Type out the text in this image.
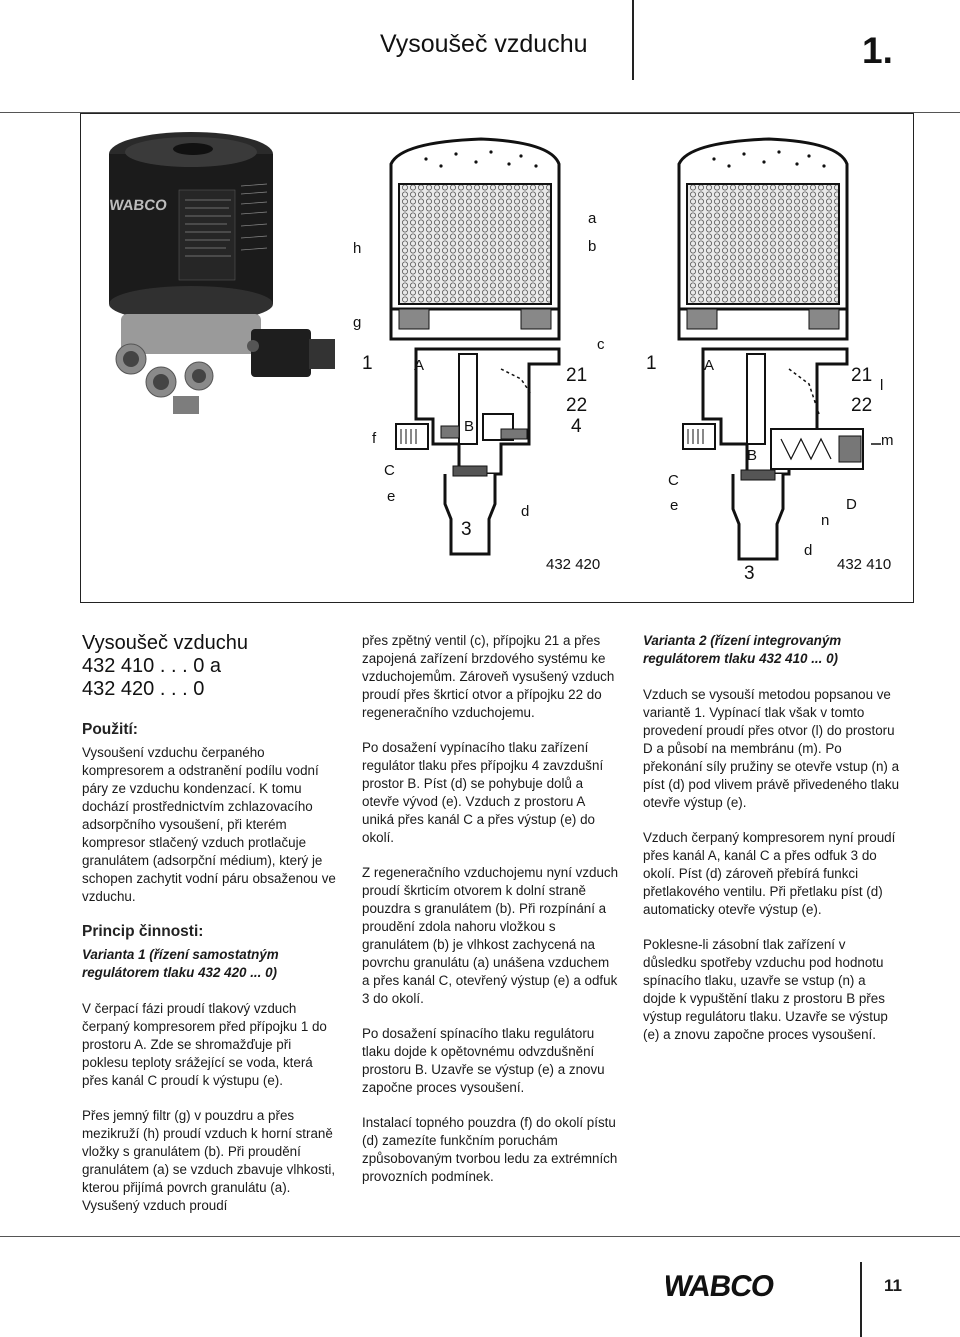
Vysoušeč vzduchu	1.
WABCO
a
b
h
g
c
1	A	21
22
4
f
B
C
e
3
d
432 420
1	A	21 l
22
m
B
C
e	D
n
d
3	432 410
Vysoušeč vzduchu
432 410 . . . 0 a
432 420 . . . 0
Použití:

Vysoušení vzduchu čerpaného kompresorem a odstranění podílu vodní páry ze vzduchu kondenzací. K tomu dochází prostřednictvím zchlazovacího adsorpčního vysoušení, při kterém kompresor stlačený vzduch protlačuje granulátem (adsorpční médium), který je schopen zachytit vodní páru obsaženou ve vzduchu.

Princip činnosti:
Varianta 1 (řízení samostatným regulátorem tlaku 432 420 ... 0)

V čerpací fázi proudí tlakový vzduch čerpaný kompresorem před přípojku 1 do prostoru A. Zde se shromažďuje při poklesu teploty srážející se voda, která přes kanál C proudí k výstupu (e).

Přes jemný filtr (g) v pouzdru a přes mezikruží (h) proudí vzduch k horní straně vložky s granulátem (b). Při proudění granulátem (a) se vzduch zbavuje vlhkosti, kterou přijímá povrch granulátu (a). Vysušený vzduch proudí

přes zpětný ventil (c), přípojku 21 a přes zapojená zařízení brzdového systému ke vzduchojemům. Zároveň vysušený vzduch proudí přes škrticí otvor a přípojku 22 do regeneračního vzduchojemu.

Po dosažení vypínacího tlaku zařízení regulátor tlaku přes přípojku 4 zavzdušní prostor B. Píst (d) se pohybuje dolů a otevře vývod (e). Vzduch z prostoru A uniká přes kanál C a přes výstup (e) do okolí.

Z regeneračního vzduchojemu nyní vzduch proudí škrticím otvorem k dolní straně pouzdra s granulátem (b). Při rozpínání a proudění zdola nahoru vložkou s granulátem (b) je vlhkost zachycená na povrchu granulátu (a) unášena vzduchem a přes kanál C, otevřený výstup (e) a odfuk 3 do okolí.

Po dosažení spínacího tlaku regulátoru tlaku dojde k opětovnému odvzdušnění prostoru B. Uzavře se výstup (e) a znovu započne proces vysoušení.

Instalací topného pouzdra (f) do okolí pístu (d) zamezíte funkčním poruchám způsobovaným tvorbou ledu za extrémních provozních podmínek.

Varianta 2 (řízení integrovaným regulátorem tlaku 432 410 ... 0)

Vzduch se vysouší metodou popsanou ve variantě 1. Vypínací tlak však v tomto provedení proudí přes otvor (l) do prostoru D a působí na membránu (m). Po překonání síly pružiny se otevře vstup (n) a píst (d) pod vlivem právě přivedeného tlaku otevře výstup (e).

Vzduch čerpaný kompresorem nyní proudí přes kanál A, kanál C a přes odfuk 3 do okolí. Píst (d) zároveň přebírá funkci přetlakového ventilu. Při přetlaku píst (d) automaticky otevře výstup (e).

Poklesne-li zásobní tlak zařízení v důsledku spotřeby vzduchu pod hodnotu spínacího tlaku, uzavře se vstup (n) a dojde k vypuštění tlaku z prostoru B přes výstup regulátoru tlaku. Uzavře se výstup (e) a znovu započne proces vysoušení.

WABCO	11
